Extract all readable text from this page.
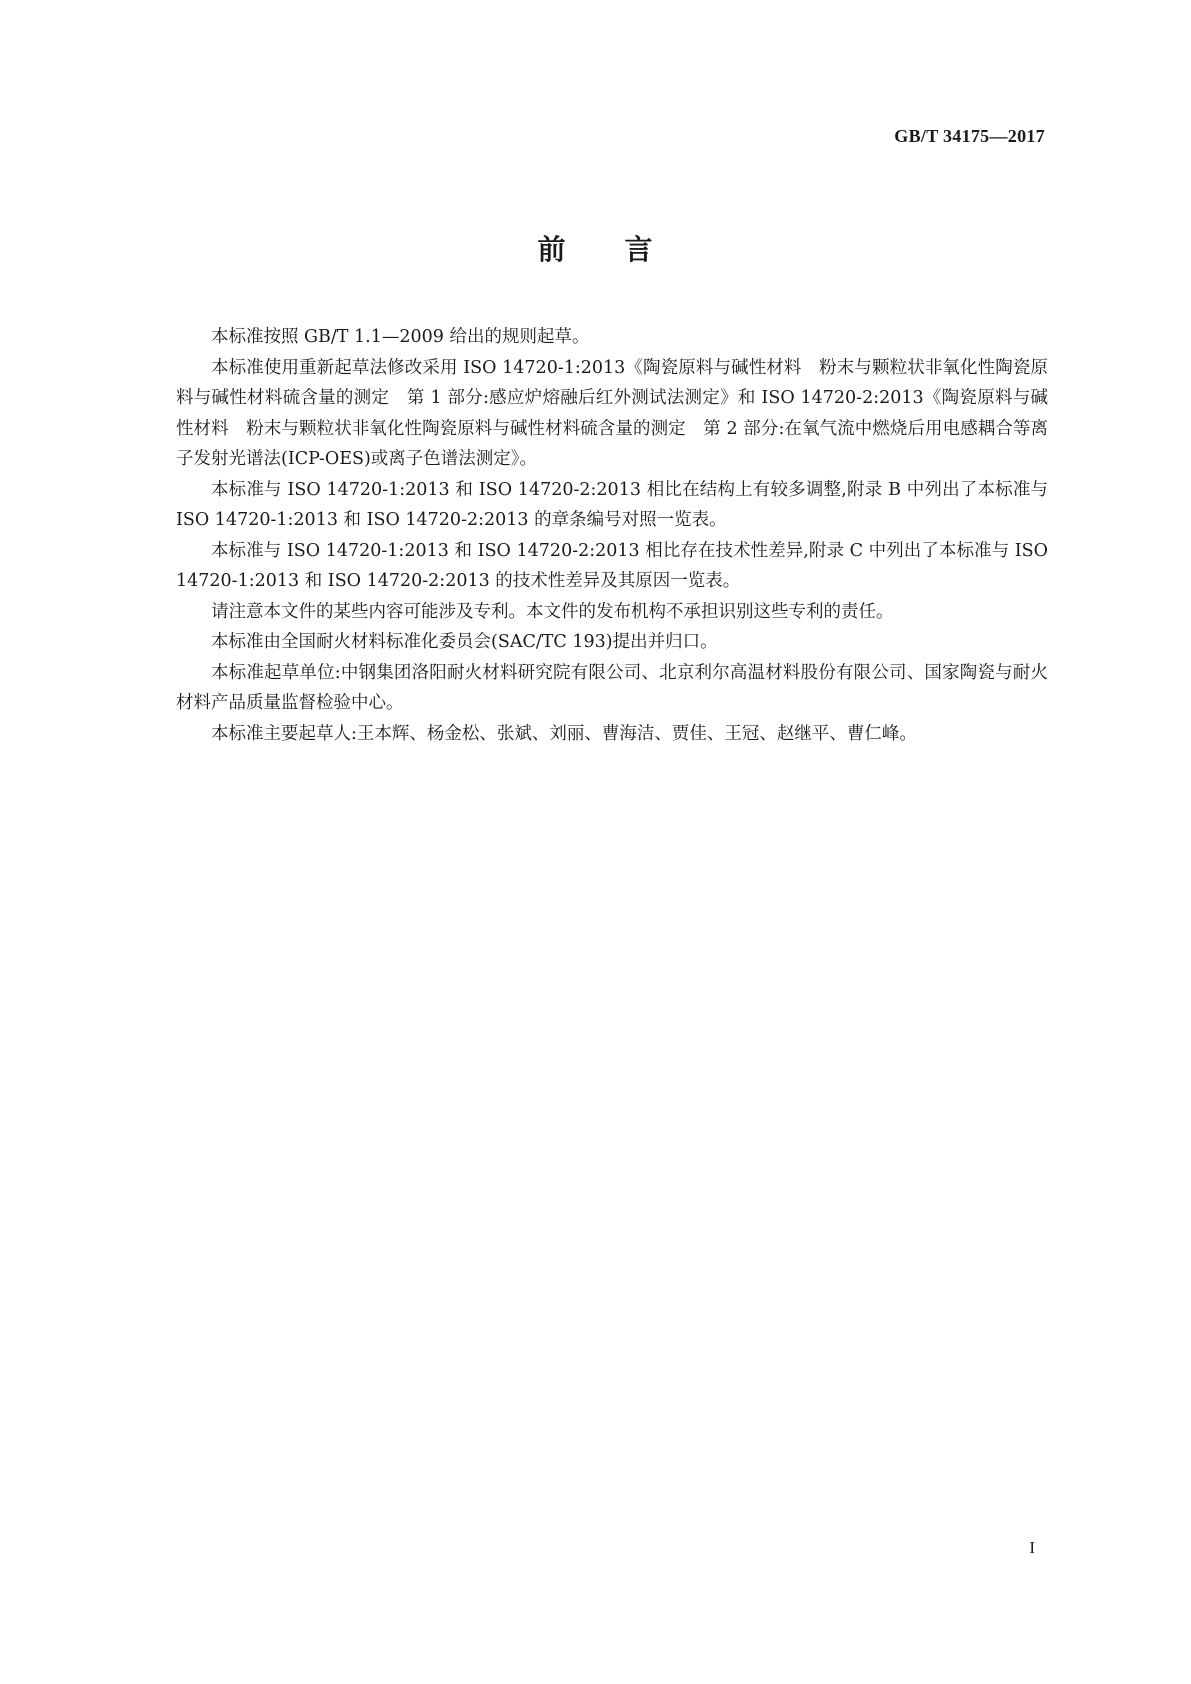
GB/T 34175—2017
前　　言

本标准按照 GB/T 1.1—2009 给出的规则起草。

本标准使用重新起草法修改采用 ISO 14720-1:2013《陶瓷原料与碱性材料　粉末与颗粒状非氧化性陶瓷原料与碱性材料硫含量的测定　第 1 部分:感应炉熔融后红外测试法测定》和 ISO 14720-2:2013《陶瓷原料与碱性材料　粉末与颗粒状非氧化性陶瓷原料与碱性材料硫含量的测定　第 2 部分:在氧气流中燃烧后用电感耦合等离子发射光谱法(ICP-OES)或离子色谱法测定》。

本标准与 ISO 14720-1:2013 和 ISO 14720-2:2013 相比在结构上有较多调整,附录 B 中列出了本标准与 ISO 14720-1:2013 和 ISO 14720-2:2013 的章条编号对照一览表。

本标准与 ISO 14720-1:2013 和 ISO 14720-2:2013 相比存在技术性差异,附录 C 中列出了本标准与 ISO 14720-1:2013 和 ISO 14720-2:2013 的技术性差异及其原因一览表。

请注意本文件的某些内容可能涉及专利。本文件的发布机构不承担识别这些专利的责任。

本标准由全国耐火材料标准化委员会(SAC/TC 193)提出并归口。

本标准起草单位:中钢集团洛阳耐火材料研究院有限公司、北京利尔高温材料股份有限公司、国家陶瓷与耐火材料产品质量监督检验中心。

本标准主要起草人:王本辉、杨金松、张斌、刘丽、曹海洁、贾佳、王冠、赵继平、曹仁峰。

I
